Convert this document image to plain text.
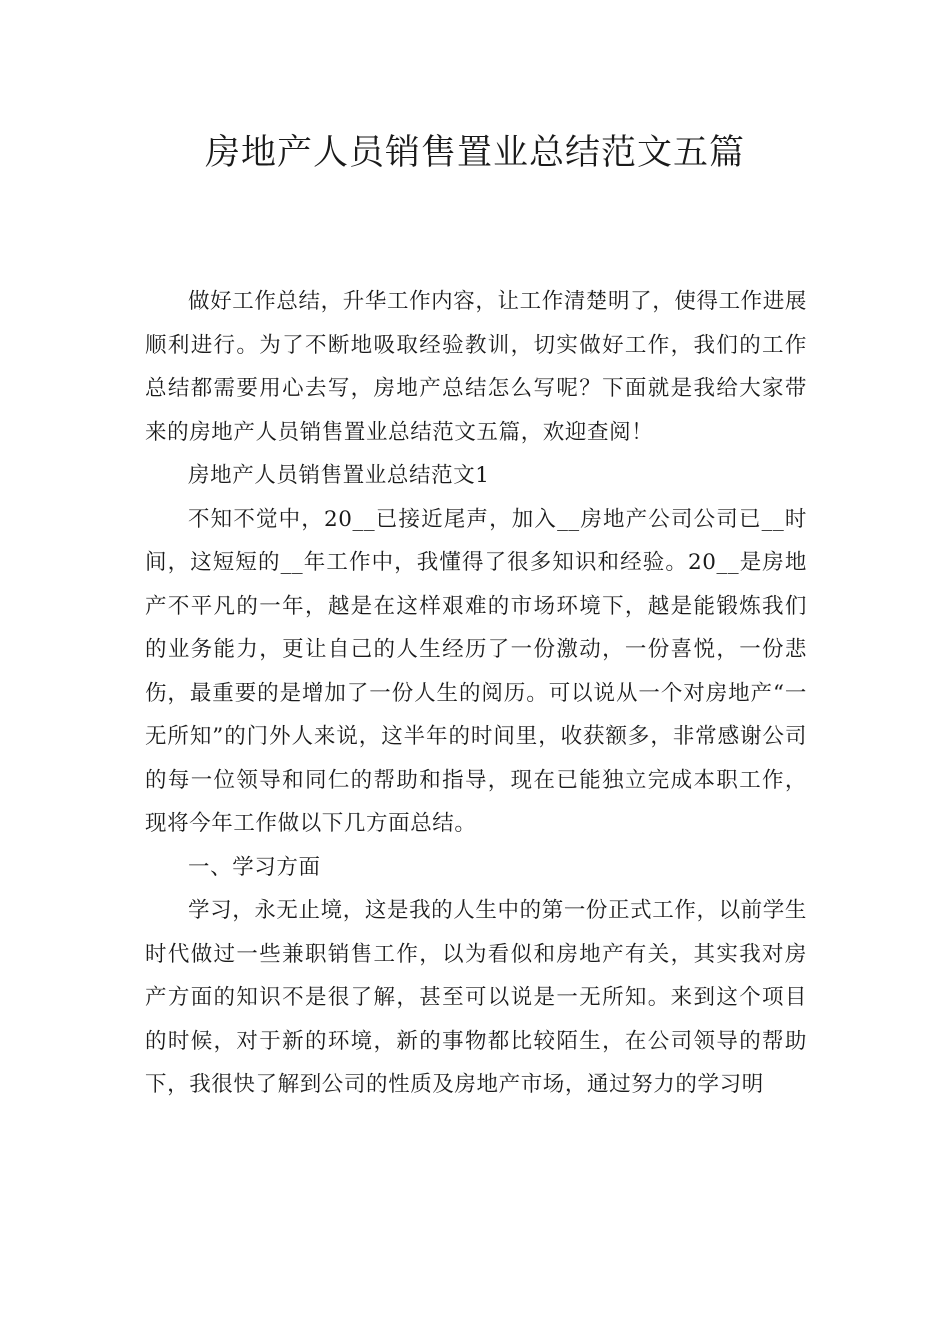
房地产人员销售置业总结范文五篇

做好工作总结，升华工作内容，让工作清楚明了，使得工作进展顺利进行。为了不断地吸取经验教训，切实做好工作，我们的工作总结都需要用心去写，房地产总结怎么写呢？下面就是我给大家带来的房地产人员销售置业总结范文五篇，欢迎查阅！

房地产人员销售置业总结范文1

不知不觉中，20__已接近尾声，加入__房地产公司公司已__时间，这短短的__年工作中，我懂得了很多知识和经验。20__是房地产不平凡的一年，越是在这样艰难的市场环境下，越是能锻炼我们的业务能力，更让自己的人生经历了一份激动，一份喜悦，一份悲伤，最重要的是增加了一份人生的阅历。可以说从一个对房地产“一无所知”的门外人来说，这半年的时间里，收获额多，非常感谢公司的每一位领导和同仁的帮助和指导，现在已能独立完成本职工作，现将今年工作做以下几方面总结。

一、学习方面

学习，永无止境，这是我的人生中的第一份正式工作，以前学生时代做过一些兼职销售工作，以为看似和房地产有关，其实我对房产方面的知识不是很了解，甚至可以说是一无所知。来到这个项目的时候，对于新的环境，新的事物都比较陌生，在公司领导的帮助下，我很快了解到公司的性质及房地产市场，通过努力的学习明
